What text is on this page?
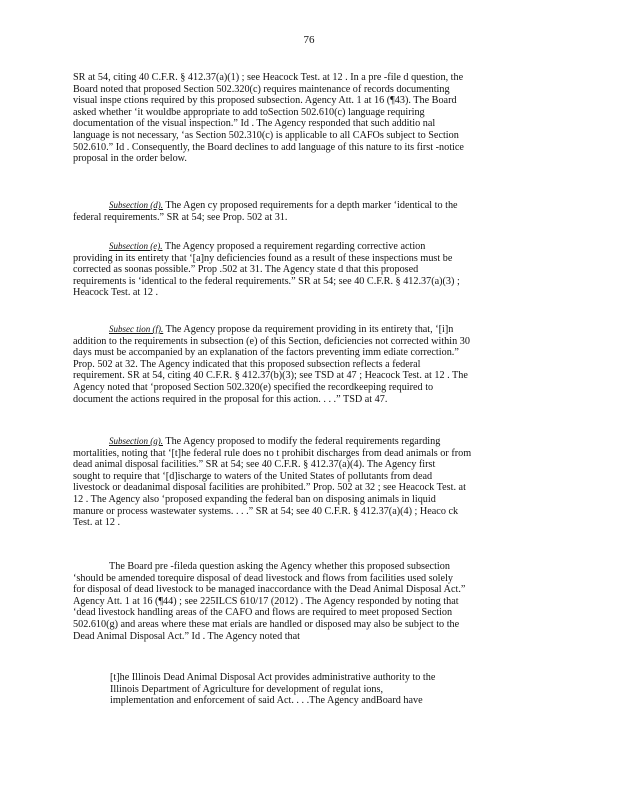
76
SR at 54, citing 40 C.F.R. § 412.37(a)(1) ; see Heacock Test. at 12 . In a pre -file d question, the
Board noted that proposed Section 502.320(c) requires maintenance of records documenting
visual inspe ctions required by this proposed subsection. Agency Att. 1 at 16 (¶43). The Board
asked whether ‘it wouldbe appropriate to add toSection 502.610(c) language requiring
documentation of the visual inspection.” Id . The Agency responded that such additio nal
language is not necessary, ‘as Section 502.310(c) is applicable to all CAFOs subject to Section
502.610.” Id . Consequently, the Board declines to add language of this nature to its first -notice
proposal in the order below.
Subsection (d). The Agen cy proposed requirements for a depth marker ‘identical to the
federal requirements.” SR at 54; see Prop. 502 at 31.
Subsection (e). The Agency proposed a requirement regarding corrective action
providing in its entirety that ‘[a]ny deficiencies found as a result of these inspections must be
corrected as soonas possible.” Prop .502 at 31. The Agency state d that this proposed
requirements is ‘identical to the federal requirements.” SR at 54; see 40 C.F.R. § 412.37(a)(3) ;
Heacock Test. at 12 .
Subsec tion (f). The Agency propose da requirement providing in its entirety that, ‘[i]n
addition to the requirements in subsection (e) of this Section, deficiencies not corrected within 30
days must be accompanied by an explanation of the factors preventing imm ediate correction.”
Prop. 502 at 32. The Agency indicated that this proposed subsection reflects a federal
requirement. SR at 54, citing 40 C.F.R. § 412.37(b)(3); see TSD at 47 ; Heacock Test. at 12 . The
Agency noted that ‘proposed Section 502.320(e) specified the recordkeeping required to
document the actions required in the proposal for this action. . . .” TSD at 47.
Subsection (g). The Agency proposed to modify the federal requirements regarding
mortalities, noting that ‘[t]he federal rule does no t prohibit discharges from dead animals or from
dead animal disposal facilities.” SR at 54; see 40 C.F.R. § 412.37(a)(4). The Agency first
sought to require that ‘[d]ischarge to waters of the United States of pollutants from dead
livestock or deadanimal disposal facilities are prohibited.” Prop. 502 at 32 ; see Heacock Test. at
12 . The Agency also ‘proposed expanding the federal ban on disposing animals in liquid
manure or process wastewater systems. . . .” SR at 54; see 40 C.F.R. § 412.37(a)(4) ; Heaco ck
Test. at 12 .
The Board pre -fileda question asking the Agency whether this proposed subsection
‘should be amended torequire disposal of dead livestock and flows from facilities used solely
for disposal of dead livestock to be managed inaccordance with the Dead Animal Disposal Act.”
Agency Att. 1 at 16 (¶44) ; see 225ILCS 610/17 (2012) . The Agency responded by noting that
‘dead livestock handling areas of the CAFO and flows are required to meet proposed Section
502.610(g) and areas where these mat erials are handled or disposed may also be subject to the
Dead Animal Disposal Act.” Id . The Agency noted that
[t]he Illinois Dead Animal Disposal Act provides administrative authority to the
Illinois Department of Agriculture for development of regulat ions,
implementation and enforcement of said Act. . . .The Agency andBoard have
